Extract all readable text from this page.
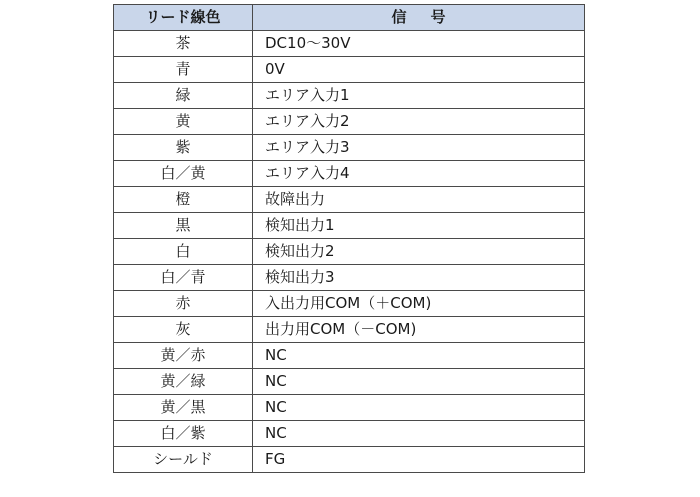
リード線色	信号
茶	DC10～30V
青	0V
緑	エリア入力1
黄	エリア入力2
紫	エリア入力3
白／黄	エリア入力4
橙	故障出力
黒	検知出力1
白	検知出力2
白／青	検知出力3
赤	入出力用COM（＋COM)
灰	出力用COM（－COM)
黄／赤	NC
黄／緑	NC
黄／黒	NC
白／紫	NC
シールド	FG
